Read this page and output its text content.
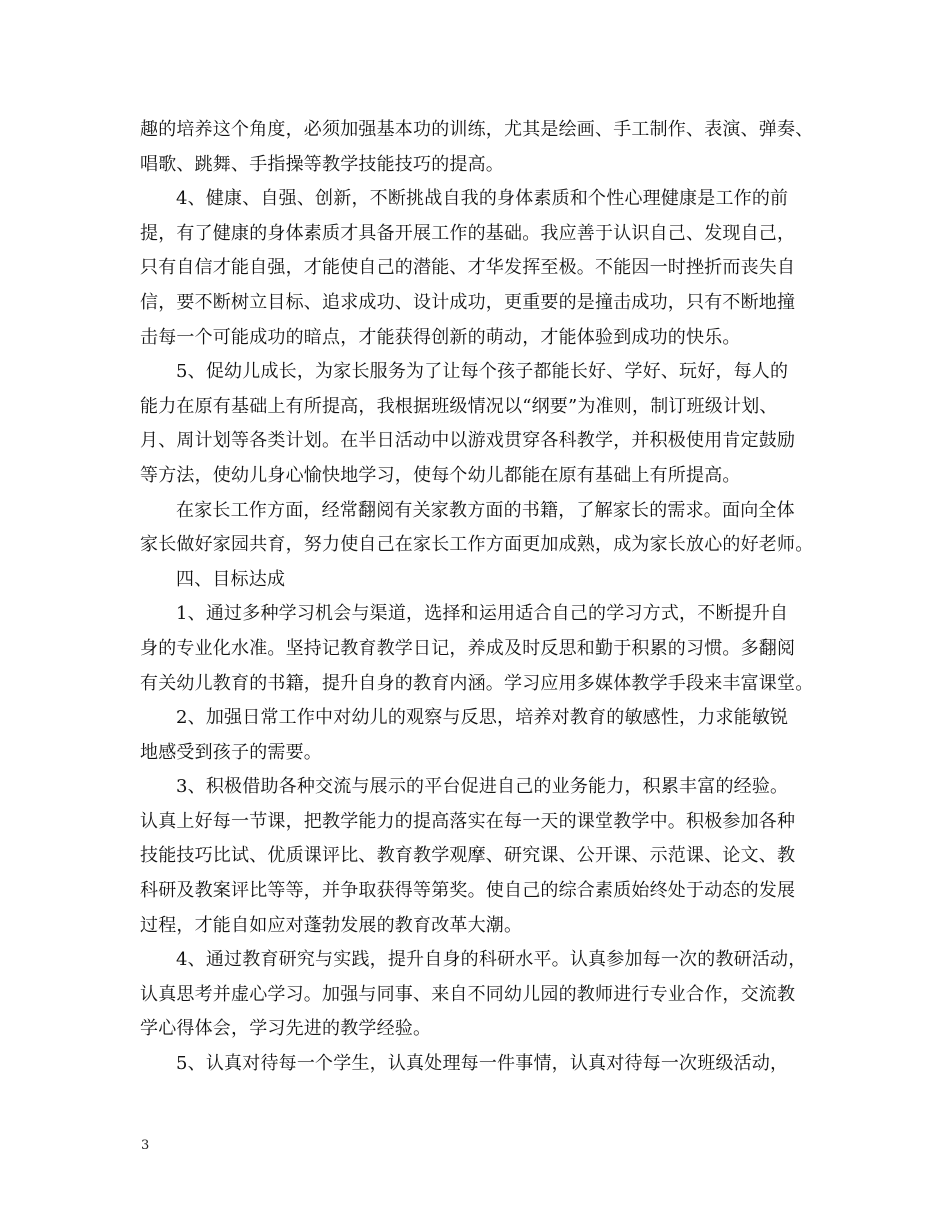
趣的培养这个角度，必须加强基本功的训练，尤其是绘画、手工制作、表演、弹奏、
唱歌、跳舞、手指操等教学技能技巧的提高。
4、健康、自强、创新，不断挑战自我的身体素质和个性心理健康是工作的前
提，有了健康的身体素质才具备开展工作的基础。我应善于认识自己、发现自己，
只有自信才能自强，才能使自己的潜能、才华发挥至极。不能因一时挫折而丧失自
信，要不断树立目标、追求成功、设计成功，更重要的是撞击成功，只有不断地撞
击每一个可能成功的暗点，才能获得创新的萌动，才能体验到成功的快乐。
5、促幼儿成长，为家长服务为了让每个孩子都能长好、学好、玩好，每人的
能力在原有基础上有所提高，我根据班级情况以“纲要”为准则，制订班级计划、
月、周计划等各类计划。在半日活动中以游戏贯穿各科教学，并积极使用肯定鼓励
等方法，使幼儿身心愉快地学习，使每个幼儿都能在原有基础上有所提高。
在家长工作方面，经常翻阅有关家教方面的书籍，了解家长的需求。面向全体
家长做好家园共育，努力使自己在家长工作方面更加成熟，成为家长放心的好老师。
四、目标达成
1、通过多种学习机会与渠道，选择和运用适合自己的学习方式，不断提升自
身的专业化水准。坚持记教育教学日记，养成及时反思和勤于积累的习惯。多翻阅
有关幼儿教育的书籍，提升自身的教育内涵。学习应用多媒体教学手段来丰富课堂。
2、加强日常工作中对幼儿的观察与反思，培养对教育的敏感性，力求能敏锐
地感受到孩子的需要。
3、积极借助各种交流与展示的平台促进自己的业务能力，积累丰富的经验。
认真上好每一节课，把教学能力的提高落实在每一天的课堂教学中。积极参加各种
技能技巧比试、优质课评比、教育教学观摩、研究课、公开课、示范课、论文、教
科研及教案评比等等，并争取获得等第奖。使自己的综合素质始终处于动态的发展
过程，才能自如应对蓬勃发展的教育改革大潮。
4、通过教育研究与实践，提升自身的科研水平。认真参加每一次的教研活动，
认真思考并虚心学习。加强与同事、来自不同幼儿园的教师进行专业合作，交流教
学心得体会，学习先进的教学经验。
5、认真对待每一个学生，认真处理每一件事情，认真对待每一次班级活动，
3
